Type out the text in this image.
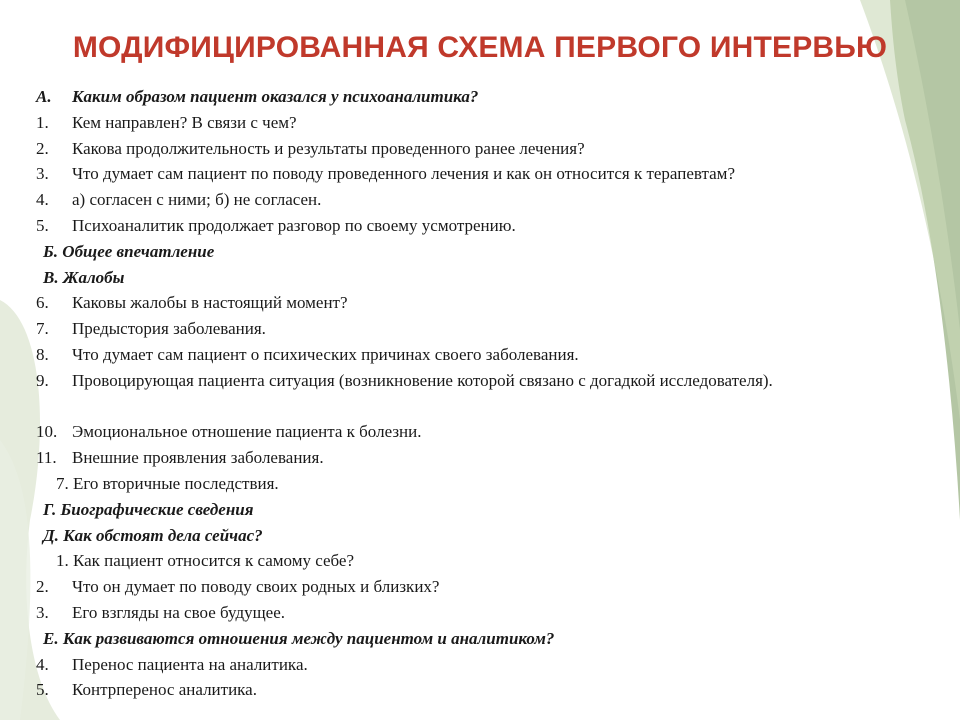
МОДИФИЦИРОВАННАЯ СХЕМА ПЕРВОГО ИНТЕРВЬЮ
А. Каким образом пациент оказался у психоаналитика?
1. Кем направлен? В связи с чем?
2. Какова продолжительность и результаты проведенного ранее лечения?
3. Что думает сам пациент по поводу проведенного лечения и как он относится к терапевтам?
4. а) согласен с ними; б) не согласен.
5. Психоаналитик продолжает разговор по своему усмотрению.
Б. Общее впечатление
В. Жалобы
6. Каковы жалобы в настоящий момент?
7. Предыстория заболевания.
8. Что думает сам пациент о психических причинах своего заболевания.
9. Провоцирующая пациента ситуация (возникновение которой связано с догадкой исследователя).
10. Эмоциональное отношение пациента к болезни.
11. Внешние проявления заболевания.
7. Его вторичные последствия.
Г. Биографические сведения
Д. Как обстоят дела сейчас?
1. Как пациент относится к самому себе?
2. Что он думает по поводу своих родных и близких?
3. Его взгляды на свое будущее.
Е. Как развиваются отношения между пациентом и аналитиком?
4. Перенос пациента на аналитика.
5. Контрперенос аналитика.
